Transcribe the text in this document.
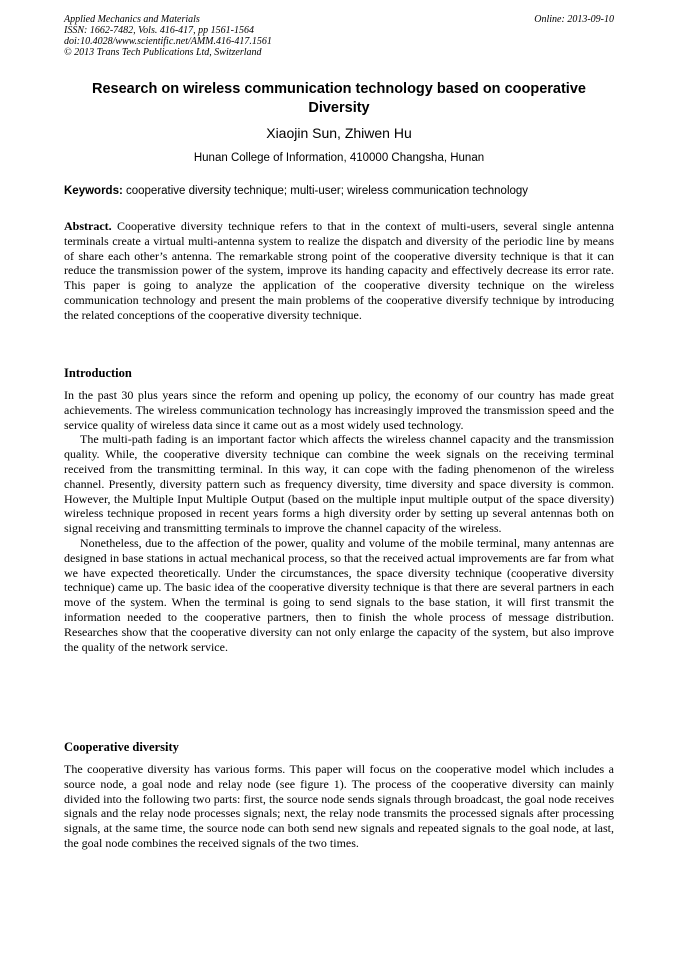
Applied Mechanics and Materials
ISSN: 1662-7482, Vols. 416-417, pp 1561-1564
doi:10.4028/www.scientific.net/AMM.416-417.1561
© 2013 Trans Tech Publications Ltd, Switzerland
Online: 2013-09-10
Research on wireless communication technology based on cooperative Diversity
Xiaojin Sun, Zhiwen Hu
Hunan College of Information, 410000 Changsha, Hunan
Keywords: cooperative diversity technique; multi-user; wireless communication technology

Abstract. Cooperative diversity technique refers to that in the context of multi-users, several single antenna terminals create a virtual multi-antenna system to realize the dispatch and diversity of the periodic line by means of share each other’s antenna. The remarkable strong point of the cooperative diversity technique is that it can reduce the transmission power of the system, improve its handing capacity and effectively decrease its error rate. This paper is going to analyze the application of the cooperative diversity technique on the wireless communication technology and present the main problems of the cooperative diversify technique by introducing the related conceptions of the cooperative diversity technique.

Introduction

In the past 30 plus years since the reform and opening up policy, the economy of our country has made great achievements. The wireless communication technology has increasingly improved the transmission speed and the service quality of wireless data since it came out as a most widely used technology.

The multi-path fading is an important factor which affects the wireless channel capacity and the transmission quality. While, the cooperative diversity technique can combine the week signals on the receiving terminal received from the transmitting terminal. In this way, it can cope with the fading phenomenon of the wireless channel. Presently, diversity pattern such as frequency diversity, time diversity and space diversity is common. However, the Multiple Input Multiple Output (based on the multiple input multiple output of the space diversity) wireless technique proposed in recent years forms a high diversity order by setting up several antennas both on signal receiving and transmitting terminals to improve the channel capacity of the wireless.

Nonetheless, due to the affection of the power, quality and volume of the mobile terminal, many antennas are designed in base stations in actual mechanical process, so that the received actual improvements are far from what we have expected theoretically. Under the circumstances, the space diversity technique (cooperative diversity technique) came up. The basic idea of the cooperative diversity technique is that there are several partners in each move of the system. When the terminal is going to send signals to the base station, it will first transmit the information needed to the cooperative partners, then to finish the whole process of message distribution. Researches show that the cooperative diversity can not only enlarge the capacity of the system, but also improve the quality of the network service.

Cooperative diversity

The cooperative diversity has various forms. This paper will focus on the cooperative model which includes a source node, a goal node and relay node (see figure 1). The process of the cooperative diversity can mainly divided into the following two parts: first, the source node sends signals through broadcast, the goal node receives signals and the relay node processes signals; next, the relay node transmits the processed signals after processing signals, at the same time, the source node can both send new signals and repeated signals to the goal node, at last, the goal node combines the received signals of the two times.
